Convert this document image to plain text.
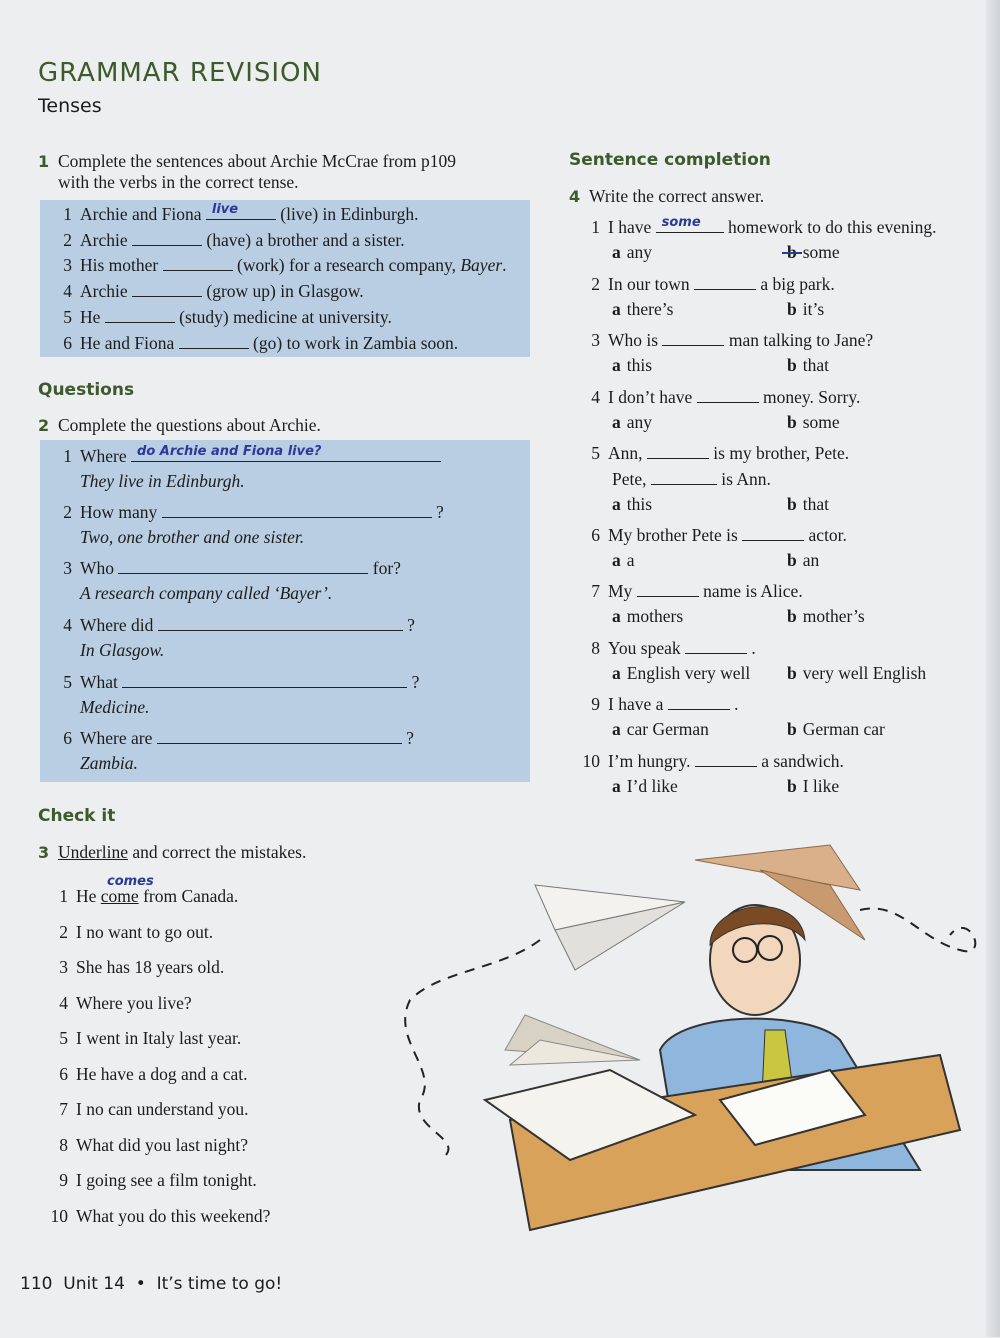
GRAMMAR REVISION
Tenses
1 Complete the sentences about Archie McCrae from p109
with the verbs in the correct tense.
Questions
2 Complete the questions about Archie.
Check it
3 Underline and correct the mistakes.
Sentence completion
4 Write the correct answer.
110 Unit 14 • It’s time to go!
1 Archie and Fiona live (live) in Edinburgh.
2 Archie	(have) a brother and a sister.
3 His mother	(work) for a research company, Bayer.
4 Archie	(grow up) in Glasgow.
5 He	(study) medicine at university.
6 He and Fiona	(go) to work in Zambia soon.
1 Where do Archie and Fiona live?
They live in Edinburgh.
2 How many	?
Two, one brother and one sister.
3 Who	for?
A research company called ‘Bayer’.
4 Where did	?
In Glasgow.
5 What	?
Medicine.
6 Where are	?
Zambia.
comes
1 He come from Canada.
2 I no want to go out.
3 She has 18 years old.
4 Where you live?
5 I went in Italy last year.
6 He have a dog and a cat.
7 I no can understand you.
8 What did you last night?
9 I going see a film tonight.
10 What you do this weekend?
1 I have some homework to do this evening.
a any	b some
2 In our town	a big park.
a there’s	b it’s
3 Who is	man talking to Jane?
a this	b that
4 I don’t have	money. Sorry.
a any	b some
5 Ann,	is my brother, Pete.
Pete,	is Ann.
a this	b that
6 My brother Pete is	actor.
a a	b an
7 My	name is Alice.
a mothers	b mother’s
8 You speak	.
a English very well b very well English
9 I have a	.
a car German	b German car
10 I’m hungry.	a sandwich.
a I’d like	b I like
